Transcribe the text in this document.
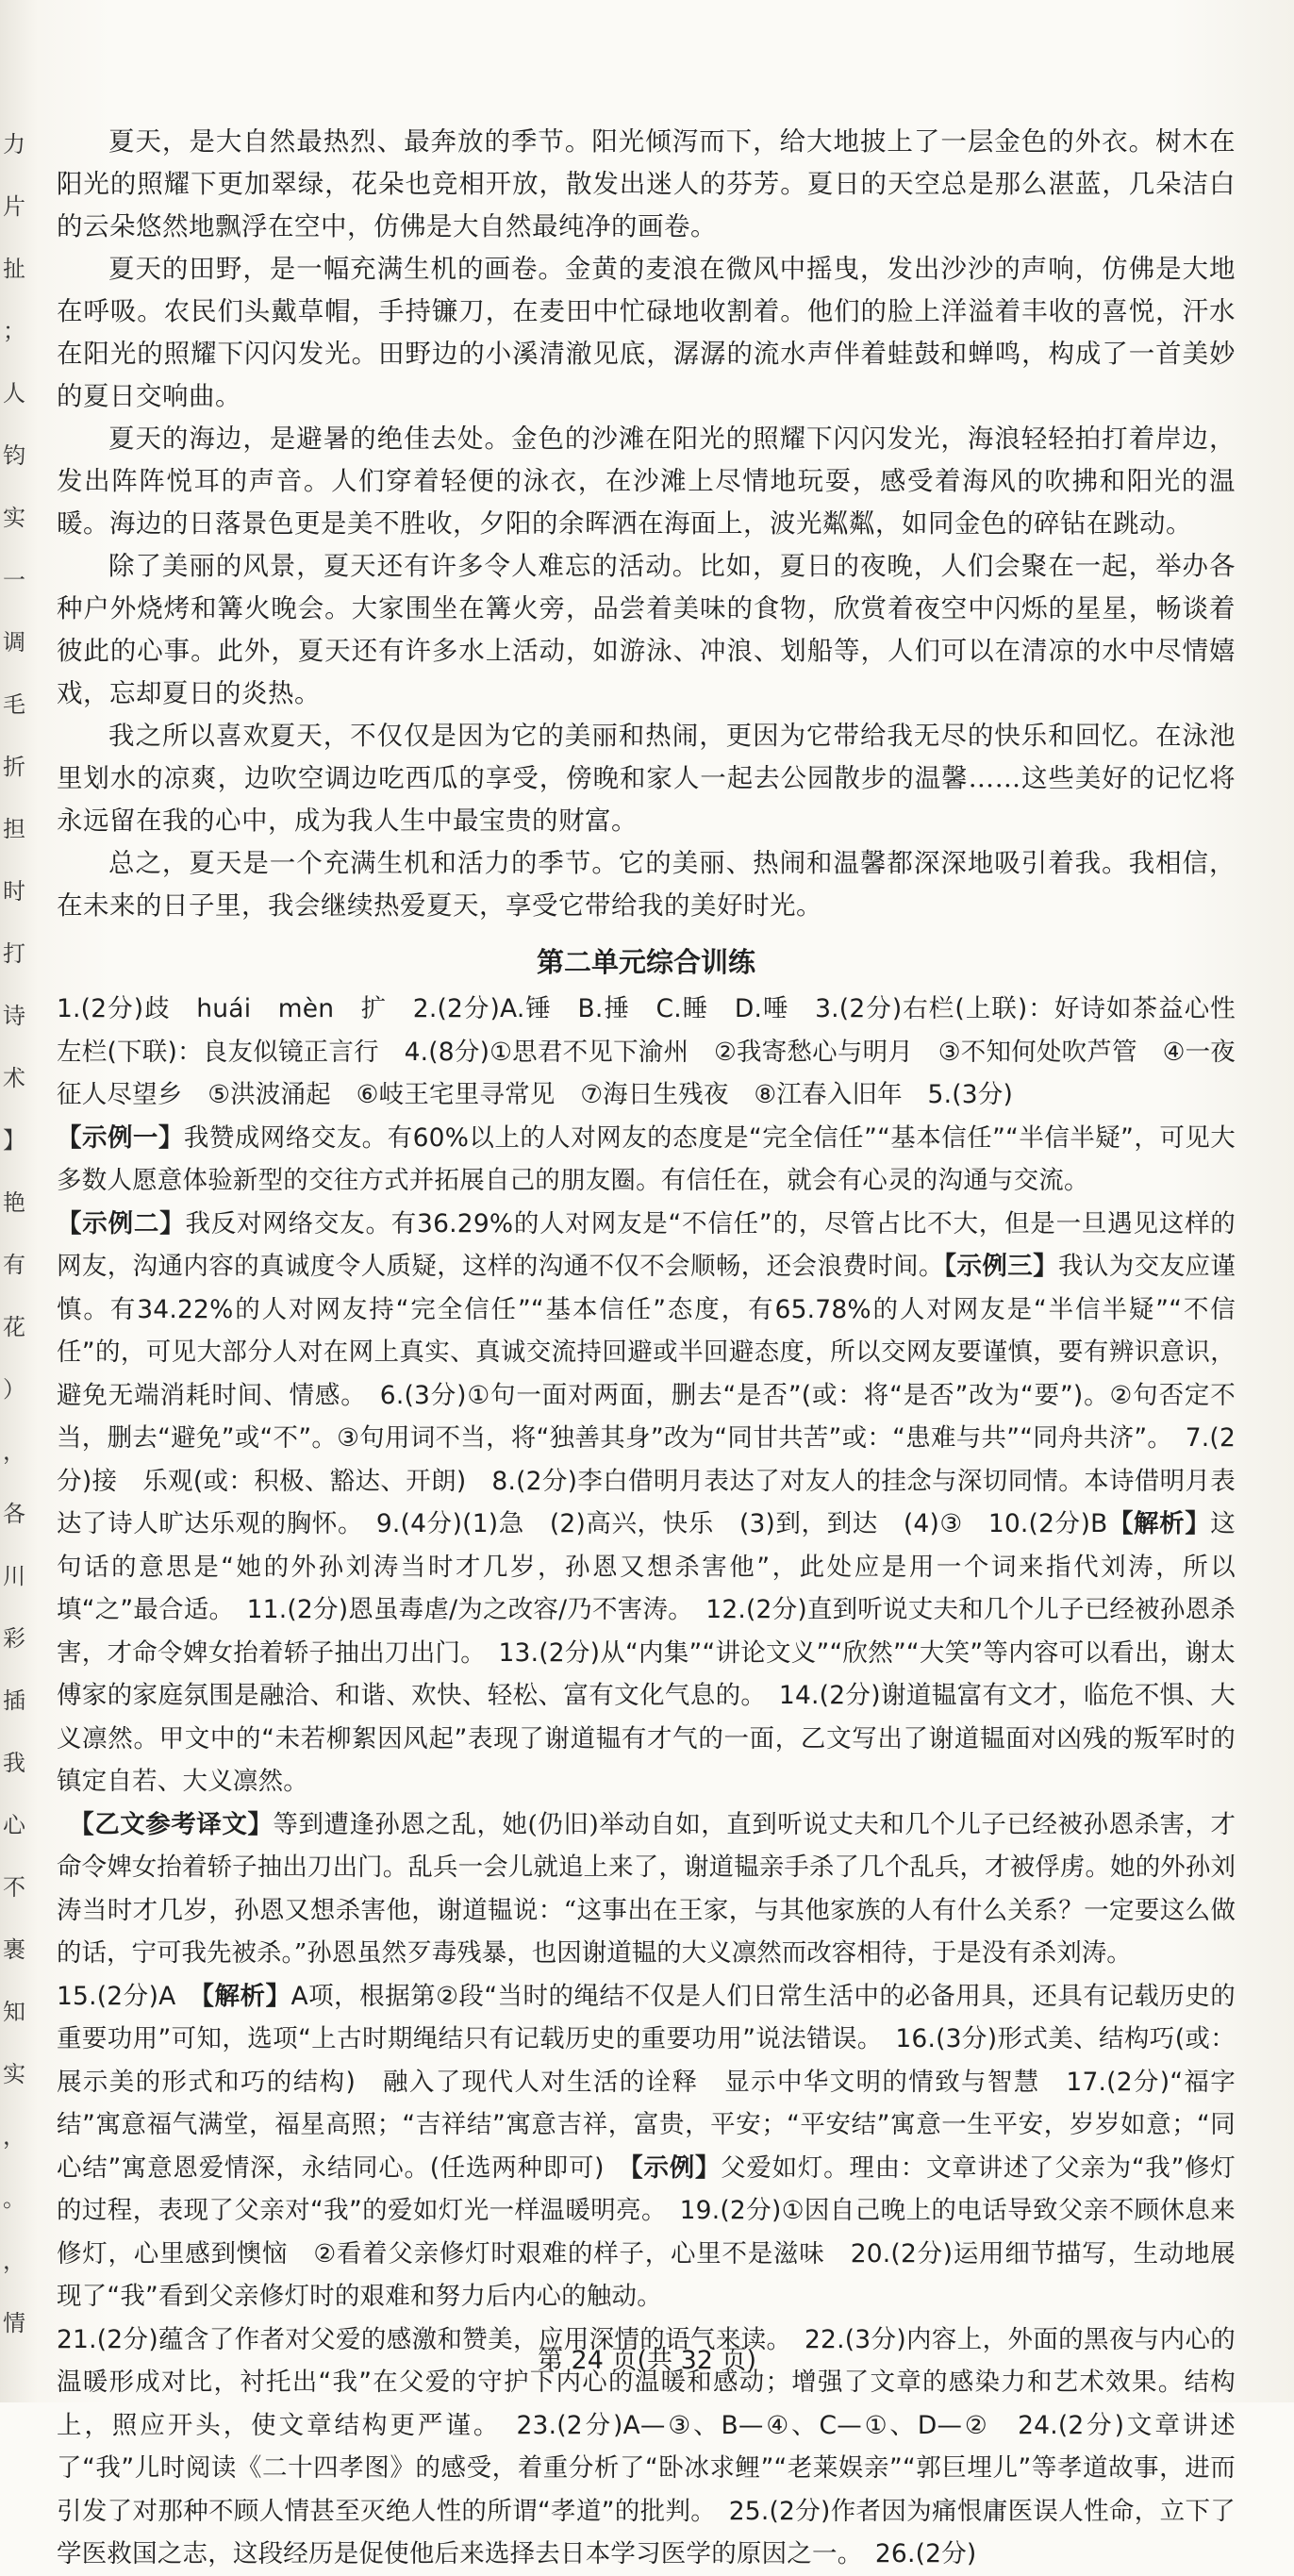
力
片
扯
；
人
钧
实
一
调
毛
折
担
时
打
诗
术
】
艳
有
花
）
，
各
川
彩
插
我
心
不
裹
知
实
，
。
，
情

夏天，是大自然最热烈、最奔放的季节。阳光倾泻而下，给大地披上了一层金色的外衣。树木在阳光的照耀下更加翠绿，花朵也竞相开放，散发出迷人的芬芳。夏日的天空总是那么湛蓝，几朵洁白的云朵悠然地飘浮在空中，仿佛是大自然最纯净的画卷。

夏天的田野，是一幅充满生机的画卷。金黄的麦浪在微风中摇曳，发出沙沙的声响，仿佛是大地在呼吸。农民们头戴草帽，手持镰刀，在麦田中忙碌地收割着。他们的脸上洋溢着丰收的喜悦，汗水在阳光的照耀下闪闪发光。田野边的小溪清澈见底，潺潺的流水声伴着蛙鼓和蝉鸣，构成了一首美妙的夏日交响曲。

夏天的海边，是避暑的绝佳去处。金色的沙滩在阳光的照耀下闪闪发光，海浪轻轻拍打着岸边，发出阵阵悦耳的声音。人们穿着轻便的泳衣，在沙滩上尽情地玩耍，感受着海风的吹拂和阳光的温暖。海边的日落景色更是美不胜收，夕阳的余晖洒在海面上，波光粼粼，如同金色的碎钻在跳动。

除了美丽的风景，夏天还有许多令人难忘的活动。比如，夏日的夜晚，人们会聚在一起，举办各种户外烧烤和篝火晚会。大家围坐在篝火旁，品尝着美味的食物，欣赏着夜空中闪烁的星星，畅谈着彼此的心事。此外，夏天还有许多水上活动，如游泳、冲浪、划船等，人们可以在清凉的水中尽情嬉戏，忘却夏日的炎热。

我之所以喜欢夏天，不仅仅是因为它的美丽和热闹，更因为它带给我无尽的快乐和回忆。在泳池里划水的凉爽，边吹空调边吃西瓜的享受，傍晚和家人一起去公园散步的温馨……这些美好的记忆将永远留在我的心中，成为我人生中最宝贵的财富。

总之，夏天是一个充满生机和活力的季节。它的美丽、热闹和温馨都深深地吸引着我。我相信，在未来的日子里，我会继续热爱夏天，享受它带给我的美好时光。

第二单元综合训练

1.(2分)歧　huái　mèn　扩　2.(2分)A.锤　B.捶　C.睡　D.唾　3.(2分)右栏(上联)：好诗如茶益心性　左栏(下联)：良友似镜正言行　4.(8分)①思君不见下渝州　②我寄愁心与明月　③不知何处吹芦管　④一夜征人尽望乡　⑤洪波涌起　⑥岐王宅里寻常见　⑦海日生残夜　⑧江春入旧年　5.(3分)

【示例一】我赞成网络交友。有60%以上的人对网友的态度是“完全信任”“基本信任”“半信半疑”，可见大多数人愿意体验新型的交往方式并拓展自己的朋友圈。有信任在，就会有心灵的沟通与交流。

【示例二】我反对网络交友。有36.29%的人对网友是“不信任”的，尽管占比不大，但是一旦遇见这样的网友，沟通内容的真诚度令人质疑，这样的沟通不仅不会顺畅，还会浪费时间。【示例三】我认为交友应谨慎。有34.22%的人对网友持“完全信任”“基本信任”态度，有65.78%的人对网友是“半信半疑”“不信任”的，可见大部分人对在网上真实、真诚交流持回避或半回避态度，所以交网友要谨慎，要有辨识意识，避免无端消耗时间、情感。　6.(3分)①句一面对两面，删去“是否”(或：将“是否”改为“要”)。②句否定不当，删去“避免”或“不”。③句用词不当，将“独善其身”改为“同甘共苦”或：“患难与共”“同舟共济”。　7.(2分)接　乐观(或：积极、豁达、开朗)　8.(2分)李白借明月表达了对友人的挂念与深切同情。本诗借明月表达了诗人旷达乐观的胸怀。　9.(4分)(1)急　(2)高兴，快乐　(3)到，到达　(4)③　10.(2分)B【解析】这句话的意思是“她的外孙刘涛当时才几岁，孙恩又想杀害他”，此处应是用一个词来指代刘涛，所以填“之”最合适。　11.(2分)恩虽毒虐/为之改容/乃不害涛。　12.(2分)直到听说丈夫和几个儿子已经被孙恩杀害，才命令婢女抬着轿子抽出刀出门。　13.(2分)从“内集”“讲论文义”“欣然”“大笑”等内容可以看出，谢太傅家的家庭氛围是融洽、和谐、欢快、轻松、富有文化气息的。　14.(2分)谢道韫富有文才，临危不惧、大义凛然。甲文中的“未若柳絮因风起”表现了谢道韫有才气的一面，乙文写出了谢道韫面对凶残的叛军时的镇定自若、大义凛然。

【乙文参考译文】等到遭逢孙恩之乱，她(仍旧)举动自如，直到听说丈夫和几个儿子已经被孙恩杀害，才命令婢女抬着轿子抽出刀出门。乱兵一会儿就追上来了，谢道韫亲手杀了几个乱兵，才被俘虏。她的外孙刘涛当时才几岁，孙恩又想杀害他，谢道韫说：“这事出在王家，与其他家族的人有什么关系？一定要这么做的话，宁可我先被杀。”孙恩虽然歹毒残暴，也因谢道韫的大义凛然而改容相待，于是没有杀刘涛。

15.(2分)A　【解析】A项，根据第②段“当时的绳结不仅是人们日常生活中的必备用具，还具有记载历史的重要功用”可知，选项“上古时期绳结只有记载历史的重要功用”说法错误。　16.(3分)形式美、结构巧(或：展示美的形式和巧的结构)　融入了现代人对生活的诠释　显示中华文明的情致与智慧　17.(2分)“福字结”寓意福气满堂，福星高照；“吉祥结”寓意吉祥，富贵，平安；“平安结”寓意一生平安，岁岁如意；“同心结”寓意恩爱情深，永结同心。(任选两种即可)　【示例】父爱如灯。理由：文章讲述了父亲为“我”修灯的过程，表现了父亲对“我”的爱如灯光一样温暖明亮。　19.(2分)①因自己晚上的电话导致父亲不顾休息来修灯，心里感到懊恼　②看着父亲修灯时艰难的样子，心里不是滋味　20.(2分)运用细节描写，生动地展现了“我”看到父亲修灯时的艰难和努力后内心的触动。

21.(2分)蕴含了作者对父爱的感激和赞美，应用深情的语气来读。　22.(3分)内容上，外面的黑夜与内心的温暖形成对比，衬托出“我”在父爱的守护下内心的温暖和感动；增强了文章的感染力和艺术效果。结构上，照应开头，使文章结构更严谨。　23.(2分)A—③、B—④、C—①、D—②　24.(2分)文章讲述了“我”儿时阅读《二十四孝图》的感受，着重分析了“卧冰求鲤”“老莱娱亲”“郭巨埋儿”等孝道故事，进而引发了对那种不顾人情甚至灭绝人性的所谓“孝道”的批判。　25.(2分)作者因为痛恨庸医误人性命，立下了学医救国之志，这段经历是促使他后来选择去日本学习医学的原因之一。　26.(2分)

第 24 页(共 32 页)
